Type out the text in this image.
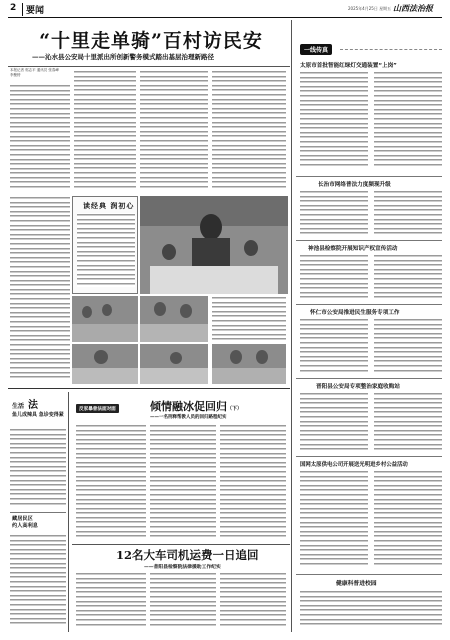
2	要闻	2025年4月25日 星期五 山西法治报
“十里走单骑”百村访民安
——沁水县公安局十里派出所创新警务模式踏出基层治理新路径
本报记者 郭志平 通讯员 张春峰 李聚榜
一线传真
太原市首批智能红绿灯交通装置“上岗”
长治市网络普法力度频现升级
神池县检察院开展知识产权宣传活动
怀仁市公安局推进民生服务专项工作
晋阳县公安局专项整治家庭收购站
国网太原供电公司开展送光明进乡村公益活动
健康科普进校园
读经典 润初心
生活 法
鱼儿成辣具 急诊变得紧
藏居民区
约人高利息
倾情融冰促回归（下）
——一名刑释帮教人员的回归路程纪实
反家暴普法面对面
12名大车司机运费一日追回
——昔阳县检察院法律援助工作纪实
